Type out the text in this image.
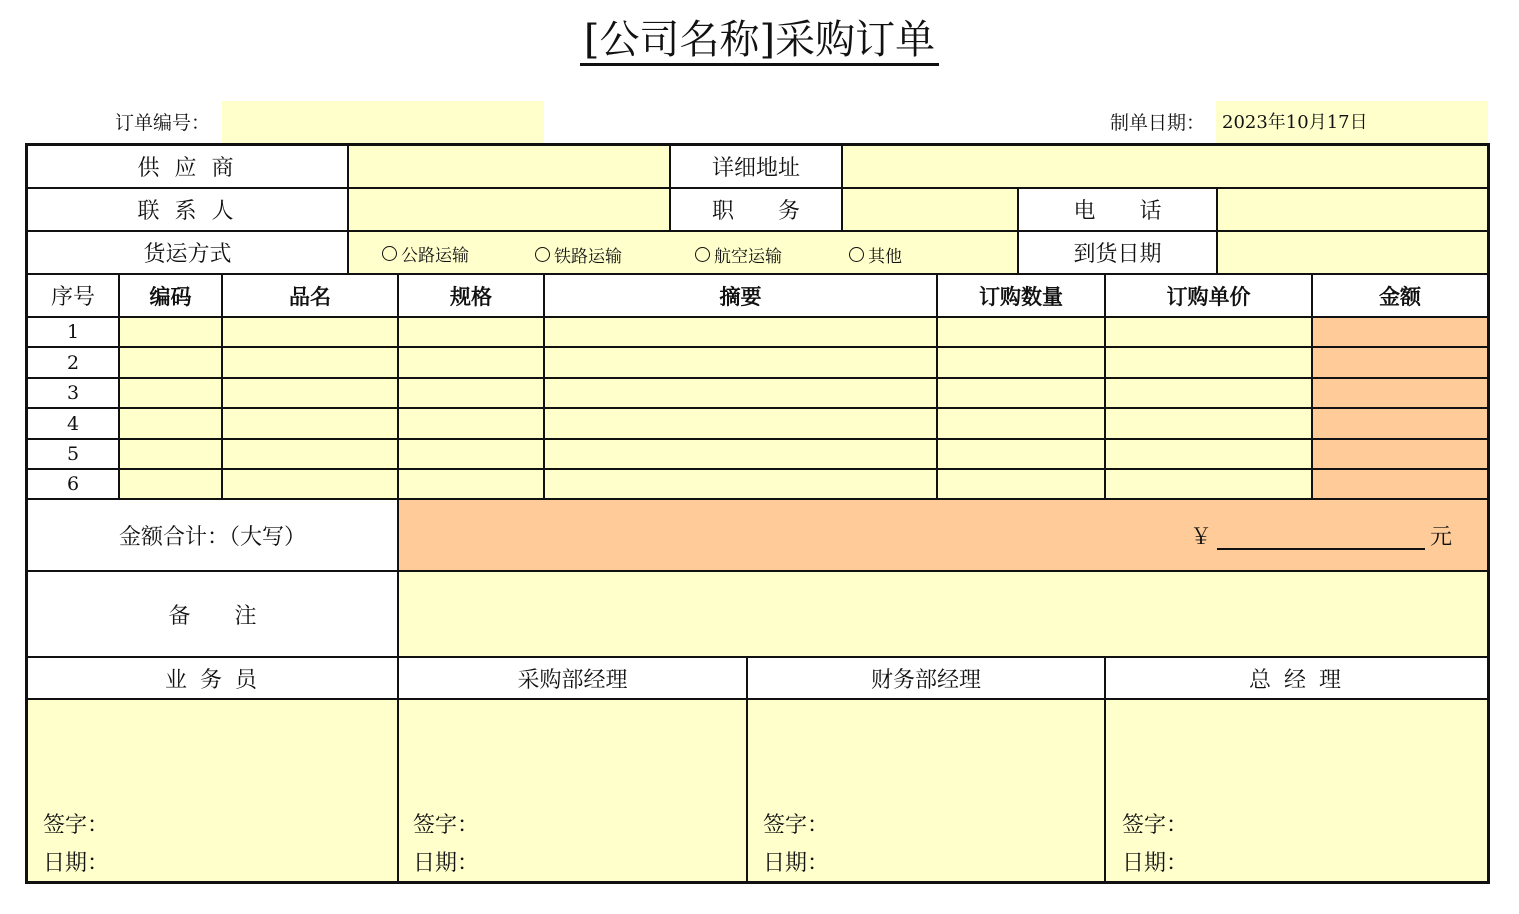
[公司名称]采购订单
订单编号：	制单日期： 2023年10月17日
供 应 商	详细地址
联 系 人	职　　务	电　　话
货运方式	到货日期
公路运输	铁路运输	航空运输	其他
序号	编码	品名	规格	摘要	订购数量	订购单价	金额
1
2
3
4
5
6
金额合计：（大写）	￥	元
备　　注
业 务 员	采购部经理	财务部经理	总 经 理
签字：
日期：
签字：
日期：
签字：
日期：
签字：
日期：
